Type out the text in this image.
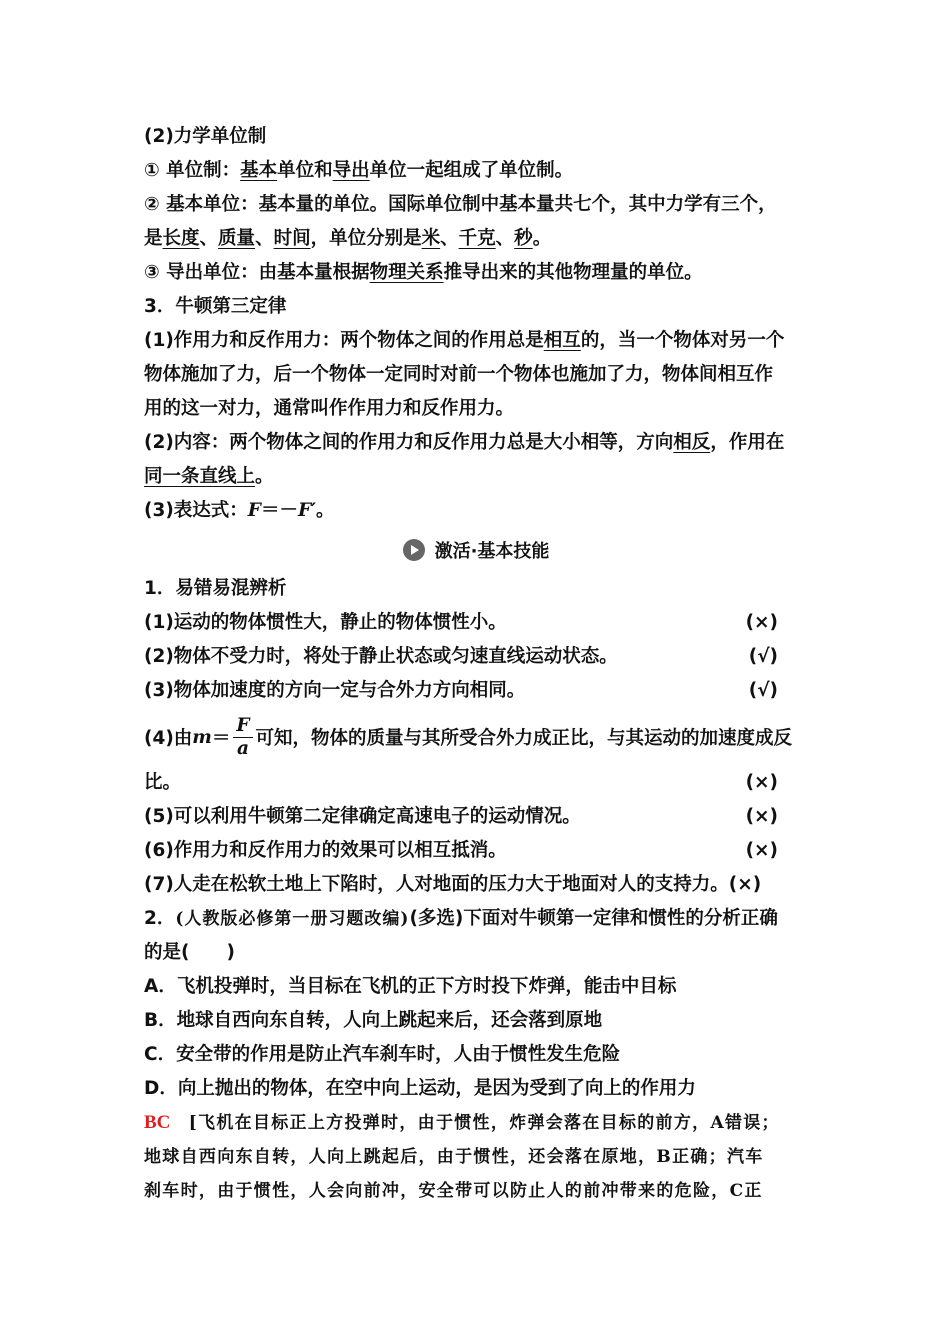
(2)力学单位制
① 单位制：基本单位和导出单位一起组成了单位制。
② 基本单位：基本量的单位。国际单位制中基本量共七个，其中力学有三个，
是长度、质量、时间，单位分别是米、千克、秒。
③ 导出单位：由基本量根据物理关系推导出来的其他物理量的单位。
3．牛顿第三定律
(1)作用力和反作用力：两个物体之间的作用总是相互的，当一个物体对另一个
物体施加了力，后一个物体一定同时对前一个物体也施加了力，物体间相互作
用的这一对力，通常叫作作用力和反作用力。
(2)内容：两个物体之间的作用力和反作用力总是大小相等，方向相反，作用在
同一条直线上。
(3)表达式：F＝－F′。
激活·基本技能
1．易错易混辨析
(1)运动的物体惯性大，静止的物体惯性小。	(×)
(2)物体不受力时，将处于静止状态或匀速直线运动状态。	(√)
(3)物体加速度的方向一定与合外力方向相同。	(√)
(4)由 $m = \frac{F}{a}$ 可知，物体的质量与其所受合外力成正比，与其运动的加速度成反
比。	(×)
(5)可以利用牛顿第二定律确定高速电子的运动情况。	(×)
(6)作用力和反作用力的效果可以相互抵消。	(×)
(7)人走在松软土地上下陷时，人对地面的压力大于地面对人的支持力。(×)
2．(人教版必修第一册习题改编)(多选)下面对牛顿第一定律和惯性的分析正确
的是(　　)
A．飞机投弹时，当目标在飞机的正下方时投下炸弹，能击中目标
B．地球自西向东自转，人向上跳起来后，还会落到原地
C．安全带的作用是防止汽车刹车时，人由于惯性发生危险
D．向上抛出的物体，在空中向上运动，是因为受到了向上的作用力
BC　[飞机在目标正上方投弹时，由于惯性，炸弹会落在目标的前方，A错误；
地球自西向东自转，人向上跳起后，由于惯性，还会落在原地，B正确；汽车
刹车时，由于惯性，人会向前冲，安全带可以防止人的前冲带来的危险，C正
